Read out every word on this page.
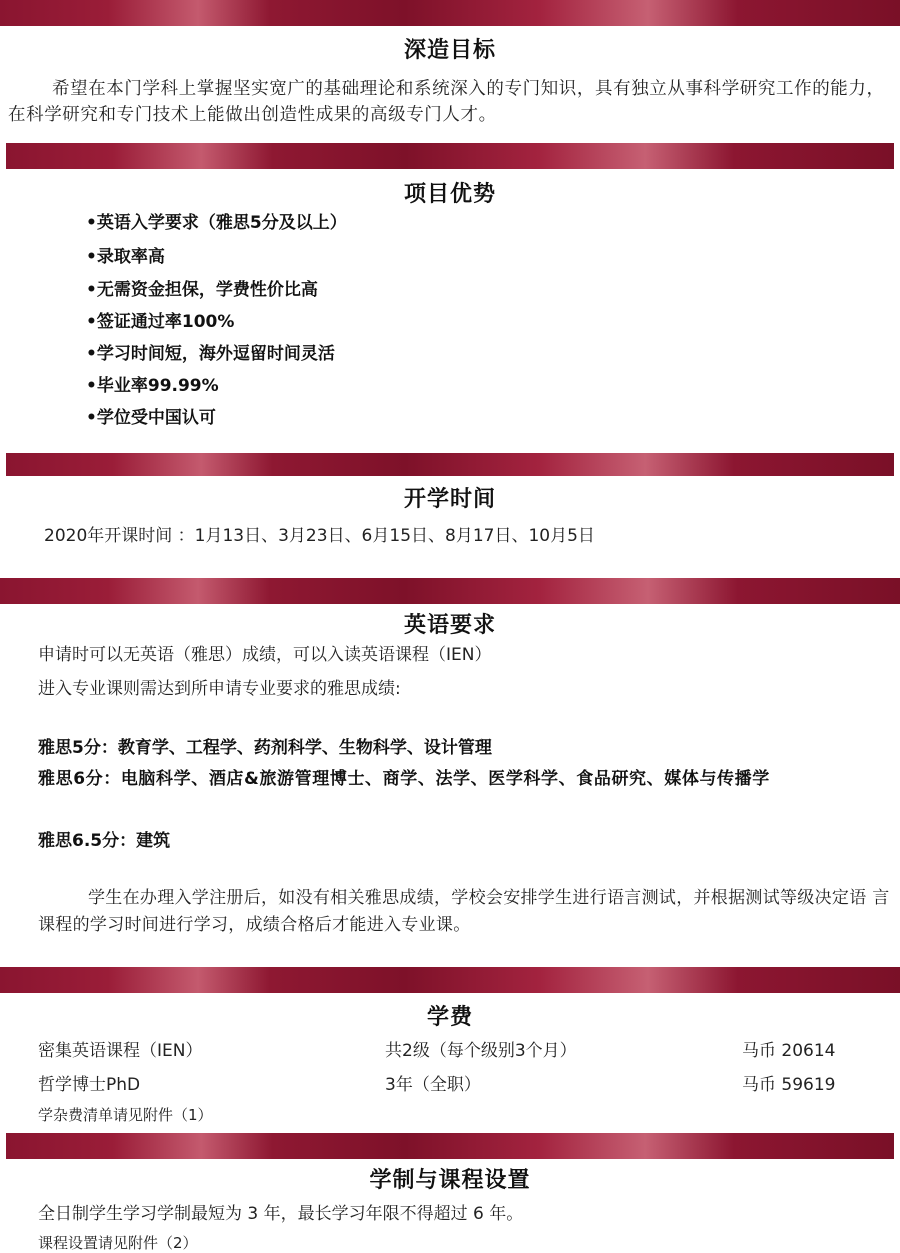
深造目标
希望在本门学科上掌握坚实宽广的基础理论和系统深入的专门知识，具有独立从事科学研究工作的能力，在科学研究和专门技术上能做出创造性成果的高级专门人才。
项目优势
•英语入学要求（雅思5分及以上）
•录取率高
•无需资金担保，学费性价比高
•签证通过率100%
•学习时间短，海外逗留时间灵活
•毕业率99.99%
•学位受中国认可
开学时间
2020年开课时间 ：1月13日、3月23日、6月15日、8月17日、10月5日
英语要求
申请时可以无英语（雅思）成绩，可以入读英语课程（IEN）
进入专业课则需达到所申请专业要求的雅思成绩:
雅思5分：教育学、工程学、药剂科学、生物科学、设计管理
雅思6分：电脑科学、酒店&旅游管理博士、商学、法学、医学科学、食品研究、媒体与传播学
雅思6.5分：建筑
学生在办理入学注册后，如没有相关雅思成绩，学校会安排学生进行语言测试，并根据测试等级决定语 言课程的学习时间进行学习，成绩合格后才能进入专业课。
学费
密集英语课程（IEN）	共2级（每个级别3个月）	马币 20614
哲学博士PhD	3年（全职）	马币 59619
学杂费清单请见附件（1）
学制与课程设置
全日制学生学习学制最短为 3 年，最长学习年限不得超过 6 年。
课程设置请见附件（2）
